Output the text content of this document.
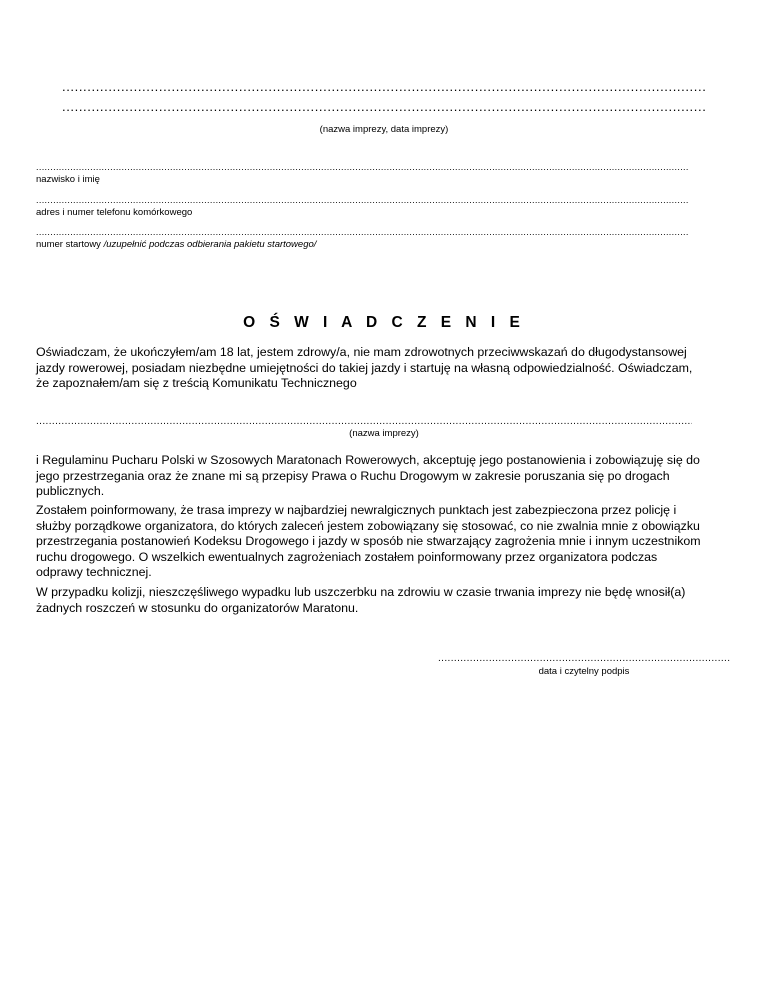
.....
.....
(nazwa imprezy, data imprezy)
.....
nazwisko i imię
.....
adres i numer telefonu komórkowego
.....
numer startowy /uzupełnić podczas odbierania pakietu startowego/
O Ś W I A D C Z E N I E
Oświadczam, że ukończyłem/am 18 lat, jestem zdrowy/a, nie mam zdrowotnych przeciwwskazań do długodystansowej
jazdy rowerowej, posiadam niezbędne umiejętności do takiej jazdy i startuję na własną odpowiedzialność. Oświadczam,
że zapoznałem/am się z treścią Komunikatu Technicznego
.....
(nazwa imprezy)
i Regulaminu Pucharu Polski w Szosowych Maratonach Rowerowych, akceptuję jego postanowienia i zobowiązuję się do
jego przestrzegania oraz że znane mi są przepisy Prawa o Ruchu Drogowym w zakresie poruszania się po drogach
publicznych.
Zostałem poinformowany, że trasa imprezy w najbardziej newralgicznych punktach jest zabezpieczona przez policję i
służby porządkowe organizatora, do których zaleceń jestem zobowiązany się stosować, co nie zwalnia mnie z obowiązku
przestrzegania postanowień Kodeksu Drogowego i jazdy w sposób nie stwarzający zagrożenia mnie i innym uczestnikom
ruchu drogowego. O wszelkich ewentualnych zagrożeniach zostałem poinformowany przez organizatora podczas
odprawy technicznej.
W przypadku kolizji, nieszczęśliwego wypadku lub uszczerbku na zdrowiu w czasie trwania imprezy nie będę wnosił(a)
żadnych roszczeń w stosunku do organizatorów Maratonu.
.....
data i czytelny podpis
